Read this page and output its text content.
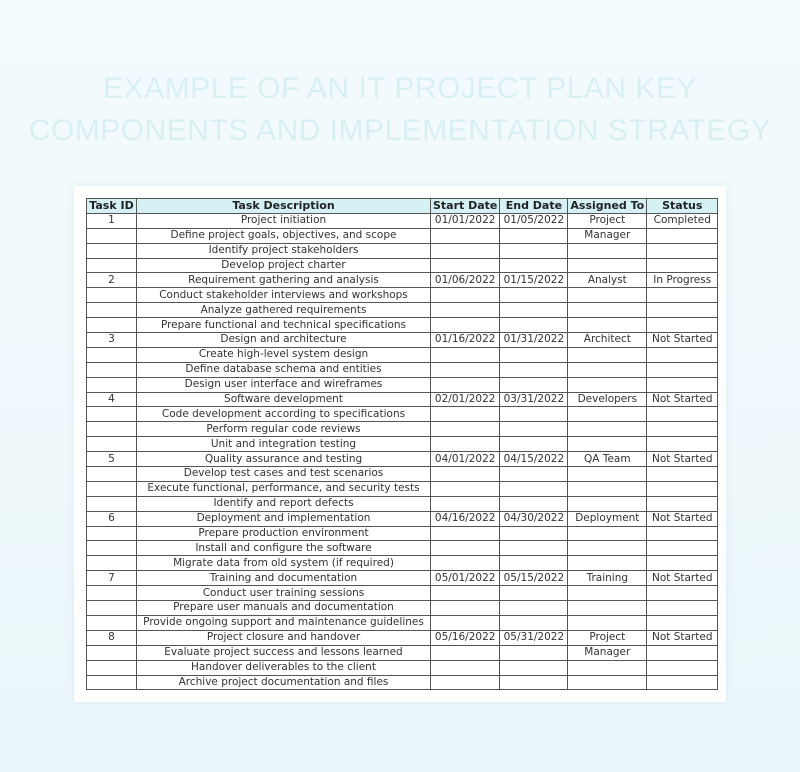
EXAMPLE OF AN IT PROJECT PLAN KEY
COMPONENTS AND IMPLEMENTATION STRATEGY
Task ID	Task Description	Start Date	End Date	Assigned To	Status
1	Project initiation	01/01/2022	01/05/2022	Project	Completed
	Define project goals, objectives, and scope			Manager	
	Identify project stakeholders				
	Develop project charter				
2	Requirement gathering and analysis	01/06/2022	01/15/2022	Analyst	In Progress
	Conduct stakeholder interviews and workshops				
	Analyze gathered requirements				
	Prepare functional and technical specifications				
3	Design and architecture	01/16/2022	01/31/2022	Architect	Not Started
	Create high-level system design				
	Define database schema and entities				
	Design user interface and wireframes				
4	Software development	02/01/2022	03/31/2022	Developers	Not Started
	Code development according to specifications				
	Perform regular code reviews				
	Unit and integration testing				
5	Quality assurance and testing	04/01/2022	04/15/2022	QA Team	Not Started
	Develop test cases and test scenarios				
	Execute functional, performance, and security tests				
	Identify and report defects				
6	Deployment and implementation	04/16/2022	04/30/2022	Deployment	Not Started
	Prepare production environment				
	Install and configure the software				
	Migrate data from old system (if required)				
7	Training and documentation	05/01/2022	05/15/2022	Training	Not Started
	Conduct user training sessions				
	Prepare user manuals and documentation				
	Provide ongoing support and maintenance guidelines				
8	Project closure and handover	05/16/2022	05/31/2022	Project	Not Started
	Evaluate project success and lessons learned			Manager	
	Handover deliverables to the client				
	Archive project documentation and files				
